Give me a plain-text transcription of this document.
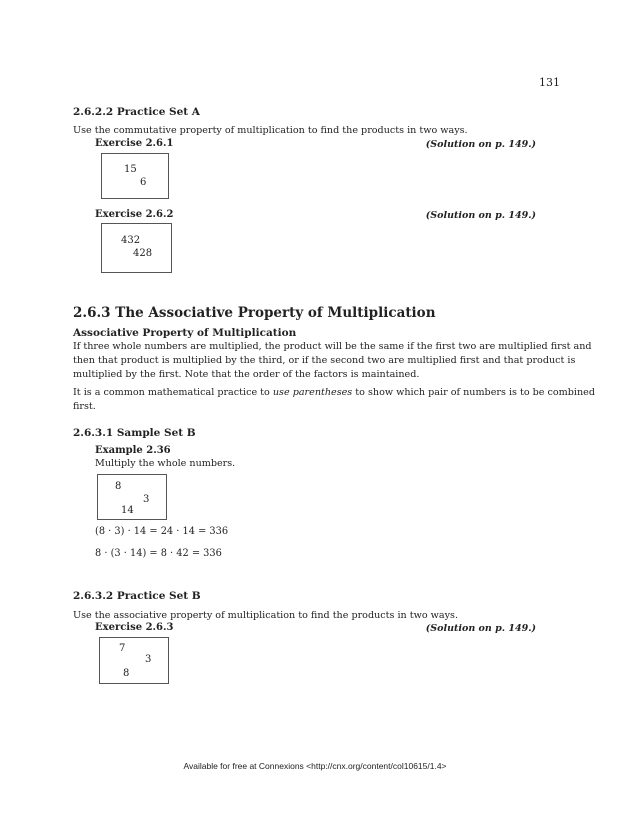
131
2.6.2.2 Practice Set A
Use the commutative property of multiplication to find the products in two ways.
Exercise 2.6.1	(Solution on p. 149.)
15
6
Exercise 2.6.2	(Solution on p. 149.)
432
428
2.6.3 The Associative Property of Multiplication
Associative Property of Multiplication
If three whole numbers are multiplied, the product will be the same if the first two are multiplied first and
then that product is multiplied by the third, or if the second two are multiplied first and that product is
multiplied by the first. Note that the order of the factors is maintained.
It is a common mathematical practice to use parentheses to show which pair of numbers is to be combined
first.
2.6.3.1 Sample Set B
Example 2.36
Multiply the whole numbers.
8
3
14
(8 · 3) · 14 = 24 · 14 = 336
8 · (3 · 14) = 8 · 42 = 336
2.6.3.2 Practice Set B
Use the associative property of multiplication to find the products in two ways.
Exercise 2.6.3	(Solution on p. 149.)
7
3
8
Available for free at Connexions <http://cnx.org/content/col10615/1.4>
